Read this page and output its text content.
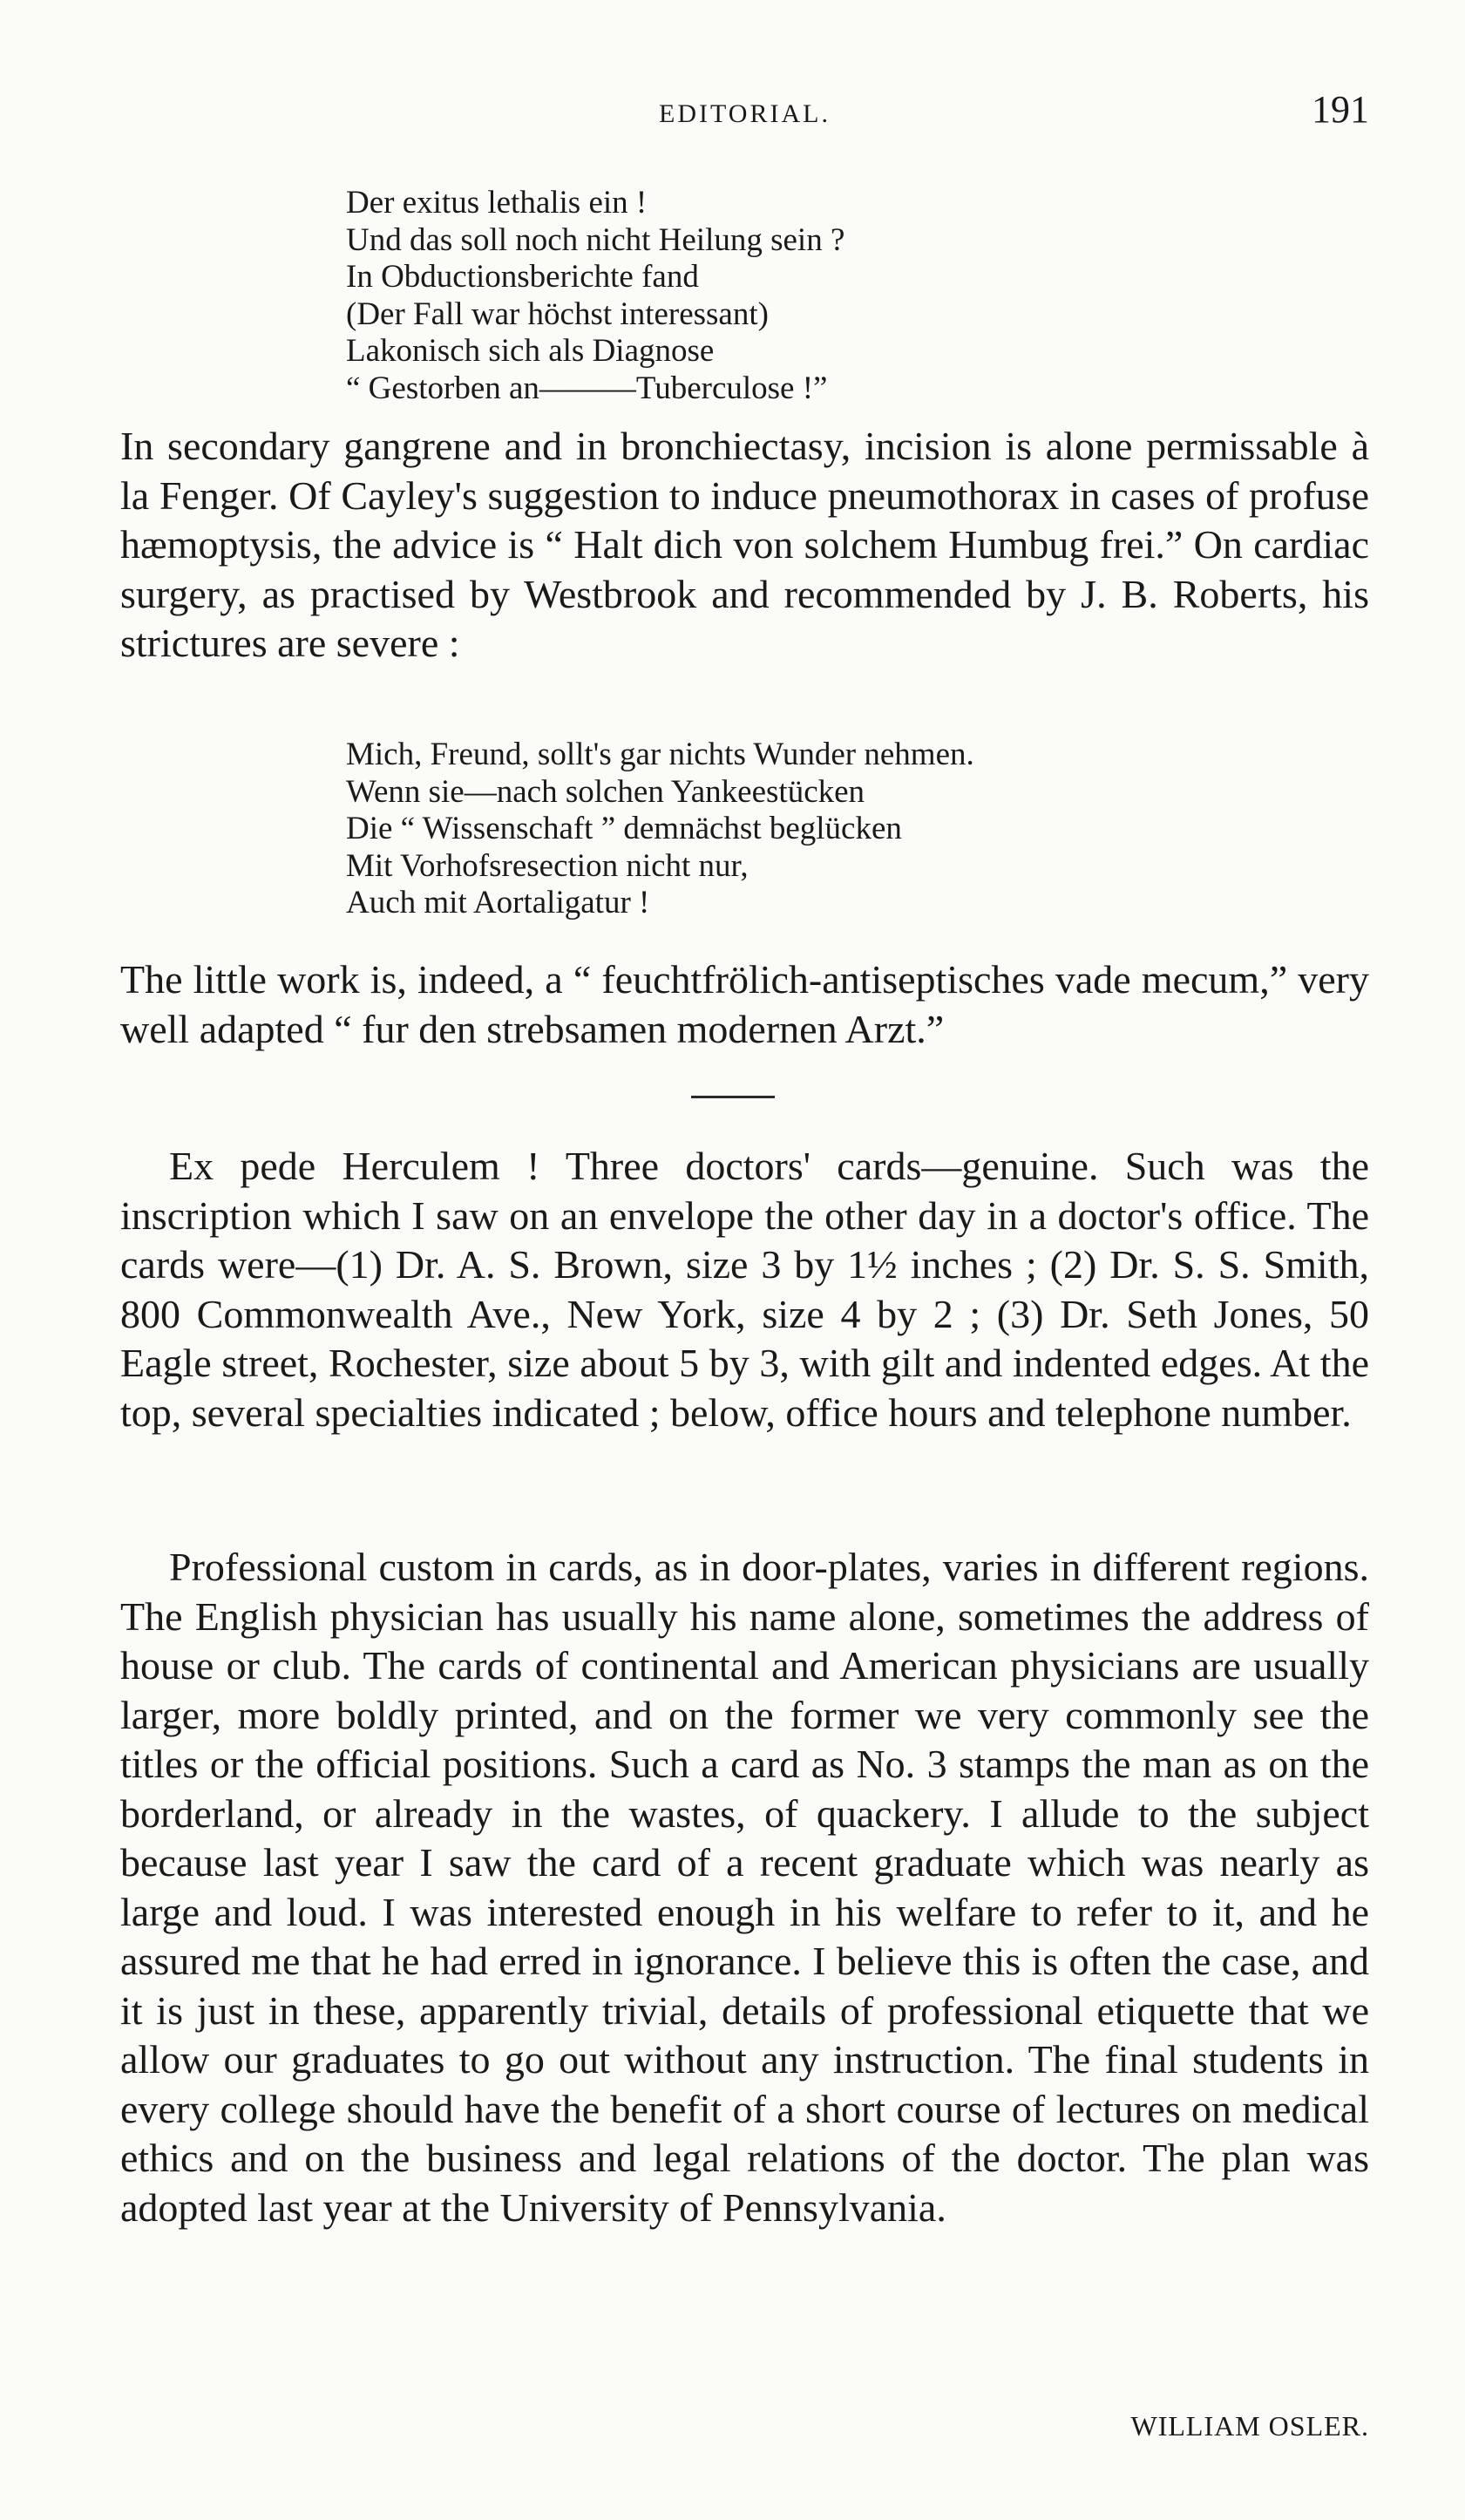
EDITORIAL.	191
Der exitus lethalis ein !
Und das soll noch nicht Heilung sein ?
In Obductionsberichte fand
(Der Fall war höchst interessant)
Lakonisch sich als Diagnose
“ Gestorben an———Tuberculose !”

In secondary gangrene and in bronchiectasy, incision is alone permissable à la Fenger. Of Cayley's suggestion to induce pneumothorax in cases of profuse hæmoptysis, the advice is “ Halt dich von solchem Humbug frei.” On cardiac surgery, as practised by Westbrook and recommended by J. B. Roberts, his strictures are severe :

Mich, Freund, sollt's gar nichts Wunder nehmen.
Wenn sie—nach solchen Yankeestücken
Die “ Wissenschaft ” demnächst beglücken
Mit Vorhofsresection nicht nur,
Auch mit Aortaligatur !

The little work is, indeed, a “ feuchtfrölich-antiseptisches vade mecum,” very well adapted “ fur den strebsamen modernen Arzt.”

Ex pede Herculem ! Three doctors' cards—genuine. Such was the inscription which I saw on an envelope the other day in a doctor's office. The cards were—(1) Dr. A. S. Brown, size 3 by 1½ inches ; (2) Dr. S. S. Smith, 800 Commonwealth Ave., New York, size 4 by 2 ; (3) Dr. Seth Jones, 50 Eagle street, Rochester, size about 5 by 3, with gilt and indented edges. At the top, several specialties indicated ; below, office hours and telephone number.

Professional custom in cards, as in door-plates, varies in different regions. The English physician has usually his name alone, sometimes the address of house or club. The cards of continental and American physicians are usually larger, more boldly printed, and on the former we very commonly see the titles or the official positions. Such a card as No. 3 stamps the man as on the borderland, or already in the wastes, of quackery. I allude to the subject because last year I saw the card of a recent graduate which was nearly as large and loud. I was interested enough in his welfare to refer to it, and he assured me that he had erred in ignorance. I believe this is often the case, and it is just in these, apparently trivial, details of professional etiquette that we allow our graduates to go out without any instruction. The final students in every college should have the benefit of a short course of lectures on medical ethics and on the business and legal relations of the doctor. The plan was adopted last year at the University of Pennsylvania.

WILLIAM OSLER.
